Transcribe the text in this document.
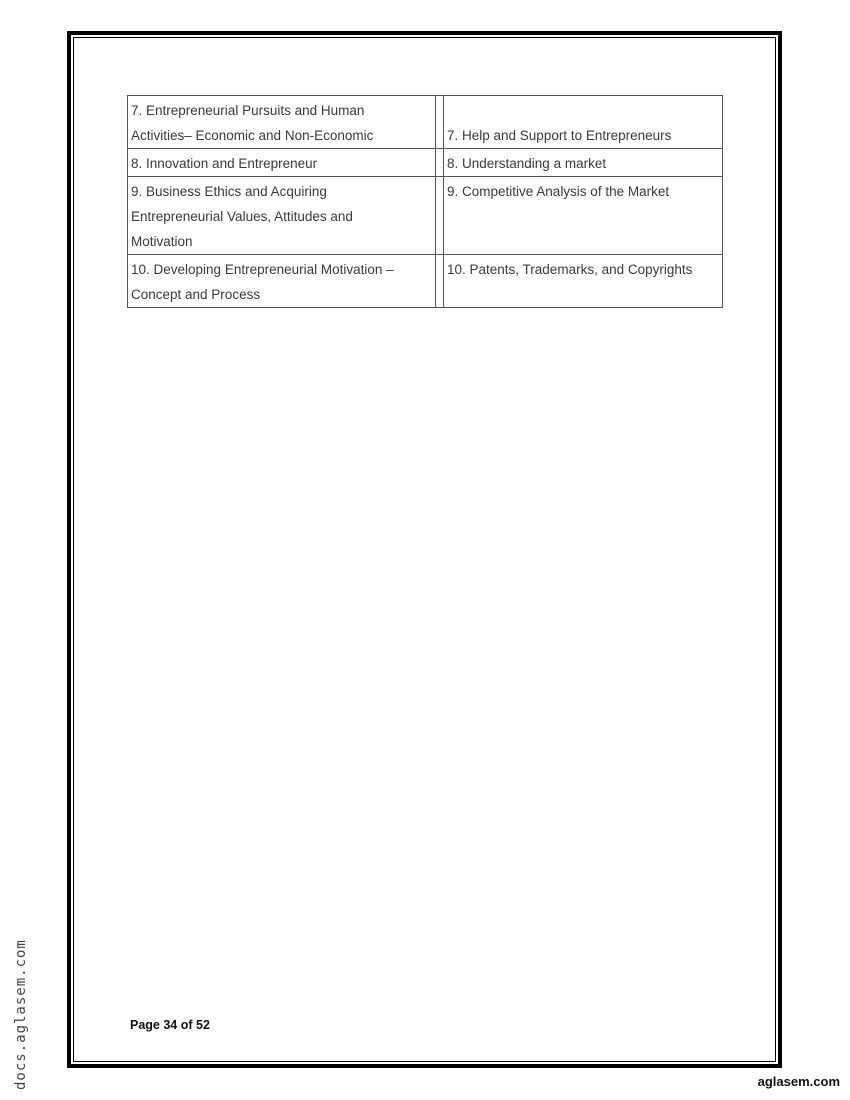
7. Entrepreneurial Pursuits and Human
Activities– Economic and Non-Economic		7. Help and Support to Entrepreneurs

8. Innovation and Entrepreneur		8. Understanding a market

9. Business Ethics and Acquiring
Entrepreneurial Values, Attitudes and
Motivation		9. Competitive Analysis of the Market

10. Developing Entrepreneurial Motivation –
Concept and Process		10. Patents, Trademarks, and Copyrights
Page 34 of 52
docs.aglasem.com	aglasem.com
